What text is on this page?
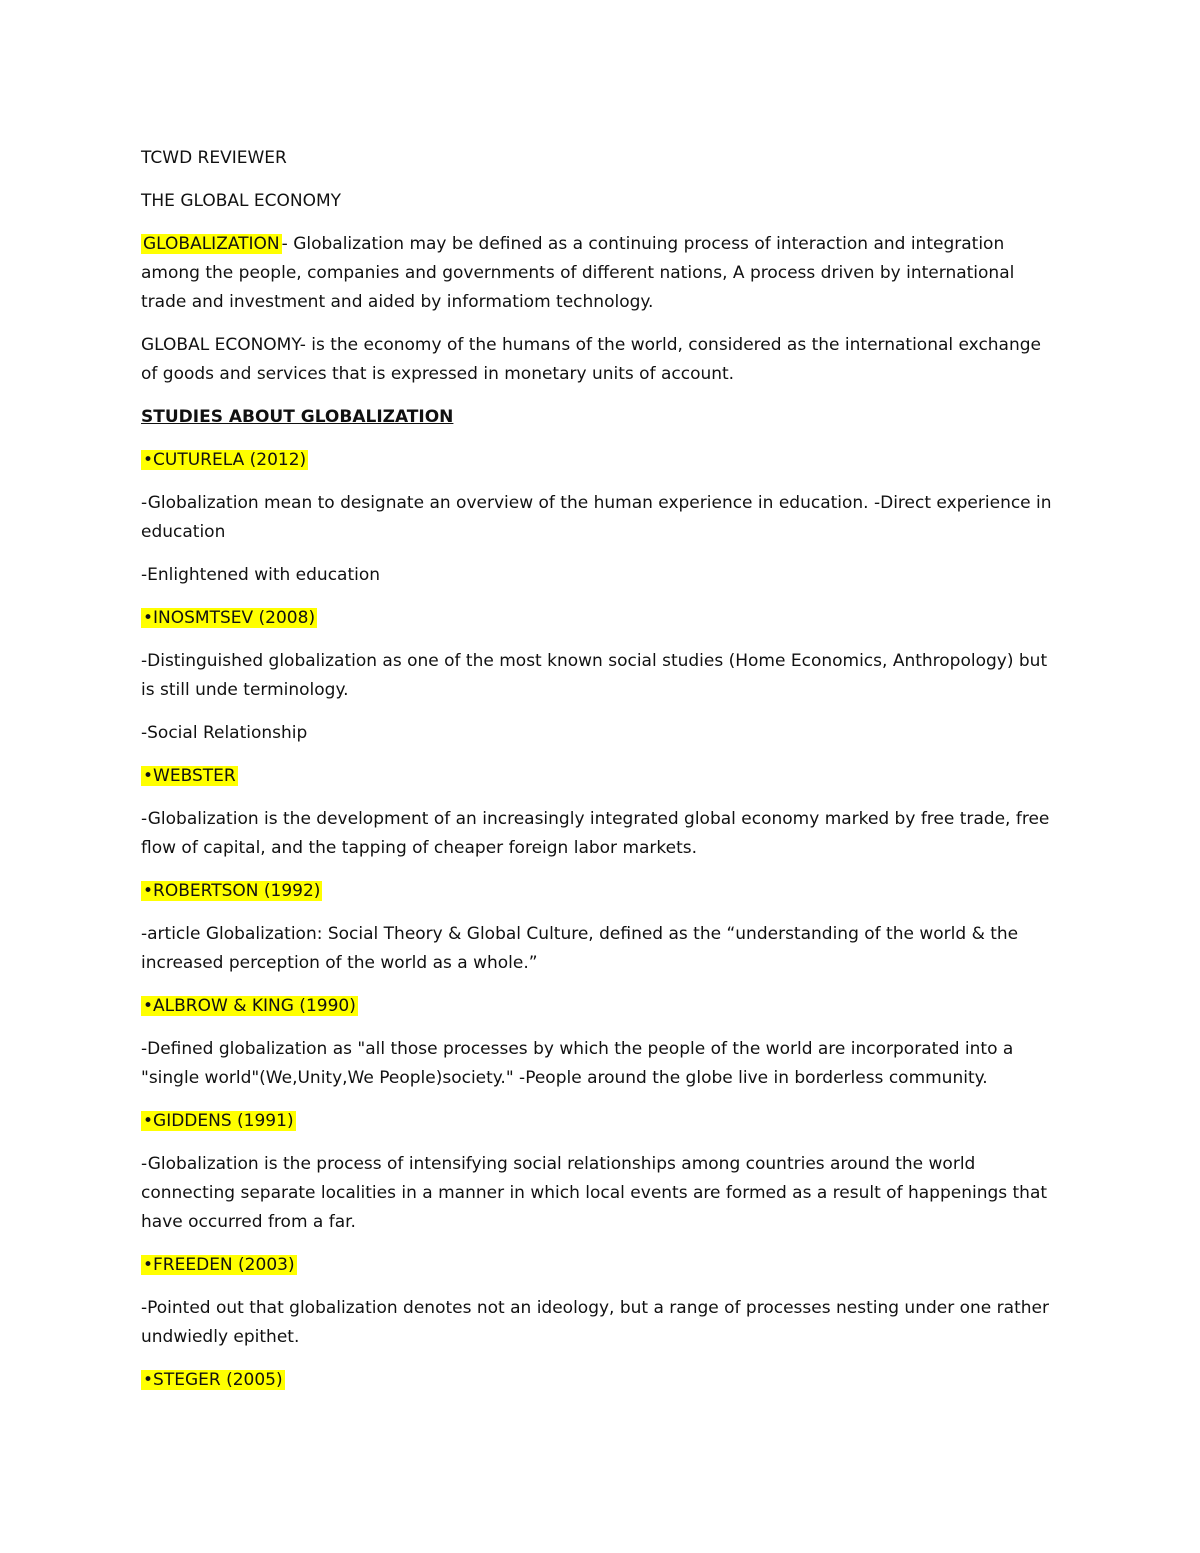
TCWD REVIEWER

THE GLOBAL ECONOMY

GLOBALIZATION - Globalization may be defined as a continuing process of interaction and integration among the people, companies and governments of different nations, A process driven by international trade and investment and aided by informatiom technology.

GLOBAL ECONOMY- is the economy of the humans of the world, considered as the international exchange of goods and services that is expressed in monetary units of account.

STUDIES ABOUT GLOBALIZATION

•CUTURELA (2012)

-Globalization mean to designate an overview of the human experience in education. -Direct experience in education

-Enlightened with education

•INOSMTSEV (2008)

-Distinguished globalization as one of the most known social studies (Home Economics, Anthropology) but is still unde terminology.

-Social Relationship

•WEBSTER

-Globalization is the development of an increasingly integrated global economy marked by free trade, free flow of capital, and the tapping of cheaper foreign labor markets.

•ROBERTSON (1992)

-article Globalization: Social Theory & Global Culture, defined as the “understanding of the world & the increased perception of the world as a whole.”

•ALBROW & KING (1990)

-Defined globalization as "all those processes by which the people of the world are incorporated into a "single world"(We,Unity,We People)society." -People around the globe live in borderless community.

•GIDDENS (1991)

-Globalization is the process of intensifying social relationships among countries around the world connecting separate localities in a manner in which local events are formed as a result of happenings that have occurred from a far.

•FREEDEN (2003)

-Pointed out that globalization denotes not an ideology, but a range of processes nesting under one rather undwiedly epithet.

•STEGER (2005)
